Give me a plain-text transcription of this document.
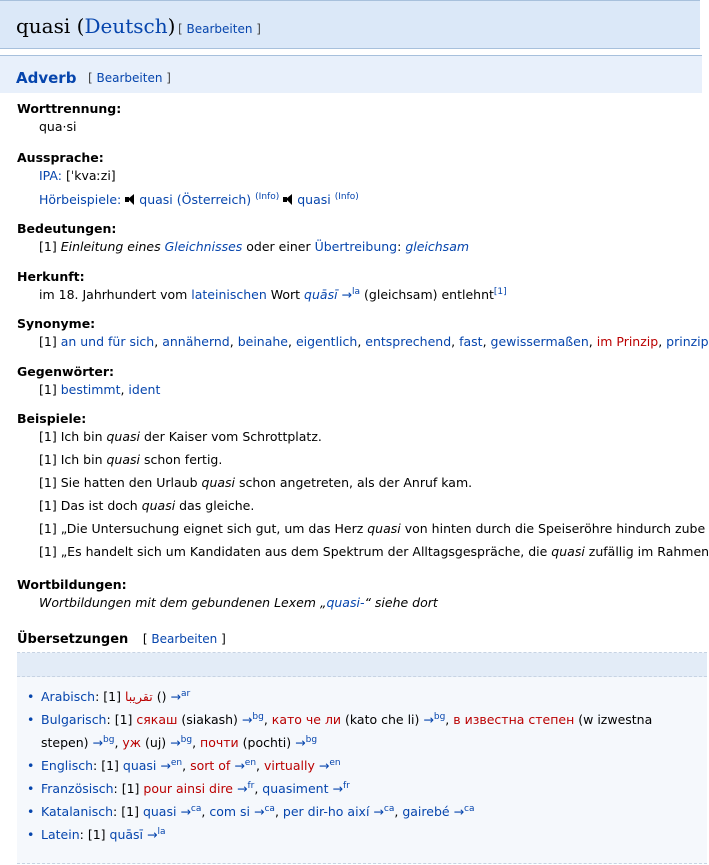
quasi (Deutsch) [ Bearbeiten ]
Adverb [ Bearbeiten ]
Worttrennung:
qua·si
Aussprache:
IPA: [ˈkvaːzi]
Hörbeispiele: quasi (Österreich) $^{(Info)}$ quasi $^{(Info)}$
Bedeutungen:
[1] Einleitung eines Gleichnisses oder einer Übertreibung: gleichsam
Herkunft:
im 18. Jahrhundert vom lateinischen Wort quāsī →$^{la}$ (gleichsam) entlehnt[1]
Synonyme:
[1] an und für sich, annähernd, beinahe, eigentlich, entsprechend, fast, gewissermaßen, im Prinzip, prinzip
Gegenwörter:
[1] bestimmt, ident
Beispiele:
[1] Ich bin quasi der Kaiser vom Schrottplatz.
[1] Ich bin quasi schon fertig.
[1] Sie hatten den Urlaub quasi schon angetreten, als der Anruf kam.
[1] Das ist doch quasi das gleiche.
[1] „Die Untersuchung eignet sich gut, um das Herz quasi von hinten durch die Speiseröhre hindurch zube
[1] „Es handelt sich um Kandidaten aus dem Spektrum der Alltagsgespräche, die quasi zufällig im Rahmen
Wortbildungen:
Wortbildungen mit dem gebundenen Lexem „quasi-“ siehe dort
Übersetzungen [ Bearbeiten ]
• Arabisch: [1] تقريبا () →$^{ar}$
• Bulgarisch: [1] сякаш (siakash) →$^{bg}$, като че ли (kato che li) →$^{bg}$, в известна степен (w izwestna stepen) →$^{bg}$, уж (uj) →$^{bg}$, почти (pochti) →$^{bg}$
• Englisch: [1] quasi →$^{en}$, sort of →$^{en}$, virtually →$^{en}$
• Französisch: [1] pour ainsi dire →$^{fr}$, quasiment →$^{fr}$
• Katalanisch: [1] quasi →$^{ca}$, com si →$^{ca}$, per dir-ho així →$^{ca}$, gairebé →$^{ca}$
• Latein: [1] quāsī →$^{la}$
